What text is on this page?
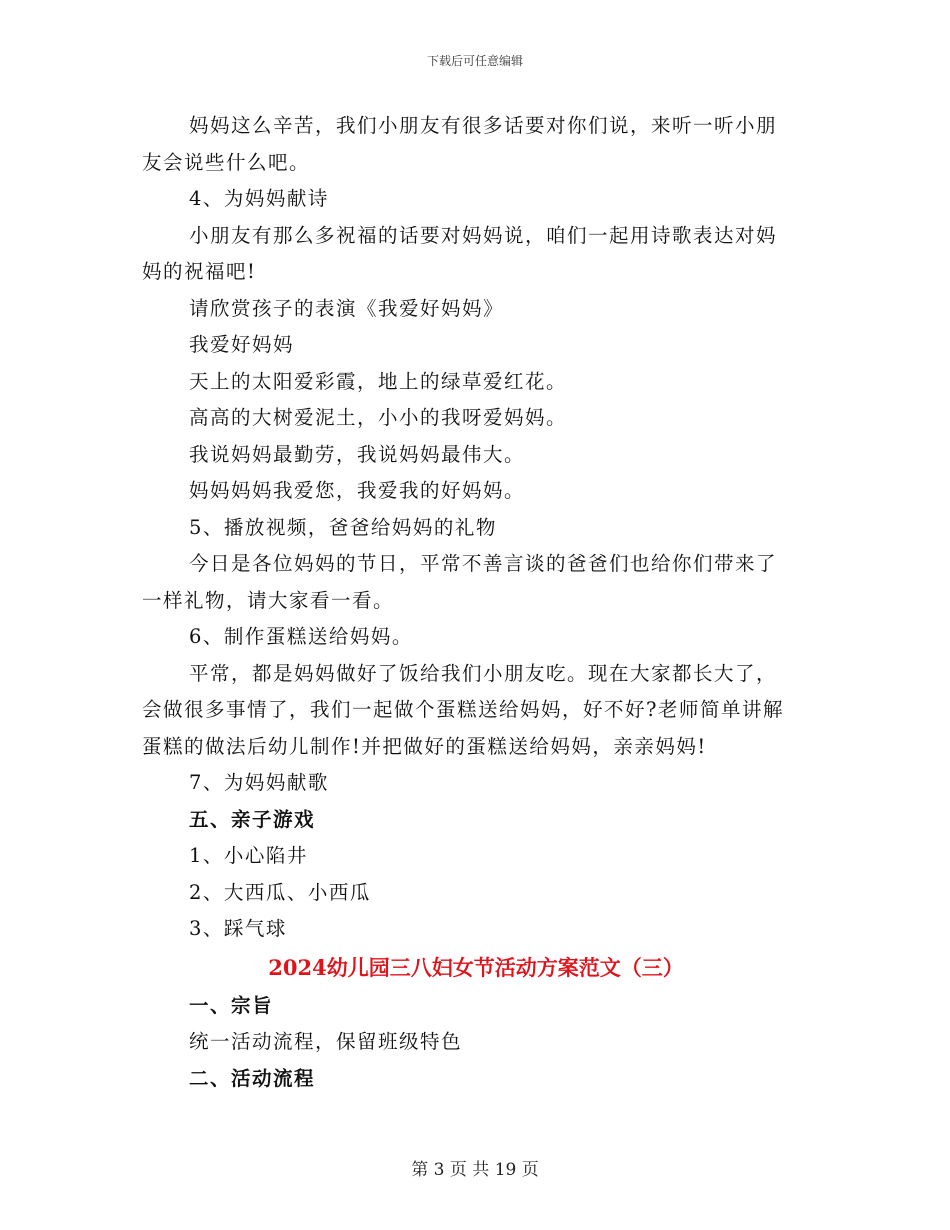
下载后可任意编辑
妈妈这么辛苦，我们小朋友有很多话要对你们说，来听一听小朋
友会说些什么吧。
4、为妈妈献诗
小朋友有那么多祝福的话要对妈妈说，咱们一起用诗歌表达对妈
妈的祝福吧!
请欣赏孩子的表演《我爱好妈妈》
我爱好妈妈
天上的太阳爱彩霞，地上的绿草爱红花。
高高的大树爱泥土，小小的我呀爱妈妈。
我说妈妈最勤劳，我说妈妈最伟大。
妈妈妈妈我爱您，我爱我的好妈妈。
5、播放视频，爸爸给妈妈的礼物
今日是各位妈妈的节日，平常不善言谈的爸爸们也给你们带来了
一样礼物，请大家看一看。
6、制作蛋糕送给妈妈。
平常，都是妈妈做好了饭给我们小朋友吃。现在大家都长大了，
会做很多事情了，我们一起做个蛋糕送给妈妈，好不好?老师简单讲解
蛋糕的做法后幼儿制作!并把做好的蛋糕送给妈妈，亲亲妈妈!
7、为妈妈献歌
五、亲子游戏
1、小心陷井
2、大西瓜、小西瓜
3、踩气球
2024幼儿园三八妇女节活动方案范文（三）
一、宗旨
统一活动流程，保留班级特色
二、活动流程
第 3 页 共 19 页
